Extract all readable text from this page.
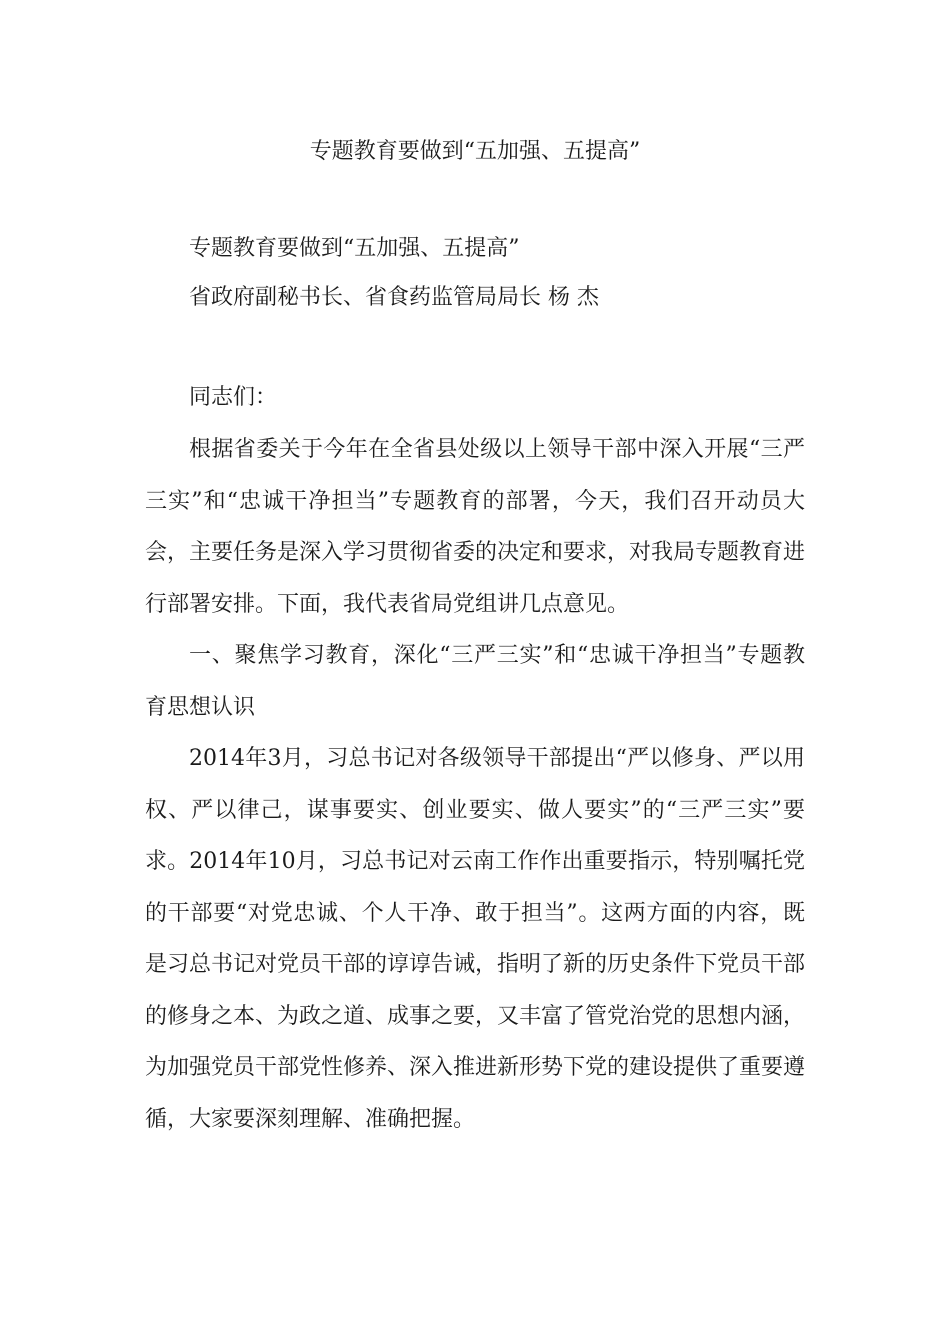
专题教育要做到“五加强、五提高”

专题教育要做到“五加强、五提高”

省政府副秘书长、省食药监管局局长 杨 杰

同志们：

根据省委关于今年在全省县处级以上领导干部中深入开展“三严三实”和“忠诚干净担当”专题教育的部署，今天，我们召开动员大会，主要任务是深入学习贯彻省委的决定和要求，对我局专题教育进行部署安排。下面，我代表省局党组讲几点意见。

一、聚焦学习教育，深化“三严三实”和“忠诚干净担当”专题教育思想认识

2014年3月，习总书记对各级领导干部提出“严以修身、严以用权、严以律己，谋事要实、创业要实、做人要实”的“三严三实”要求。2014年10月，习总书记对云南工作作出重要指示，特别嘱托党的干部要“对党忠诚、个人干净、敢于担当”。这两方面的内容，既是习总书记对党员干部的谆谆告诫，指明了新的历史条件下党员干部的修身之本、为政之道、成事之要，又丰富了管党治党的思想内涵，为加强党员干部党性修养、深入推进新形势下党的建设提供了重要遵循，大家要深刻理解、准确把握。
